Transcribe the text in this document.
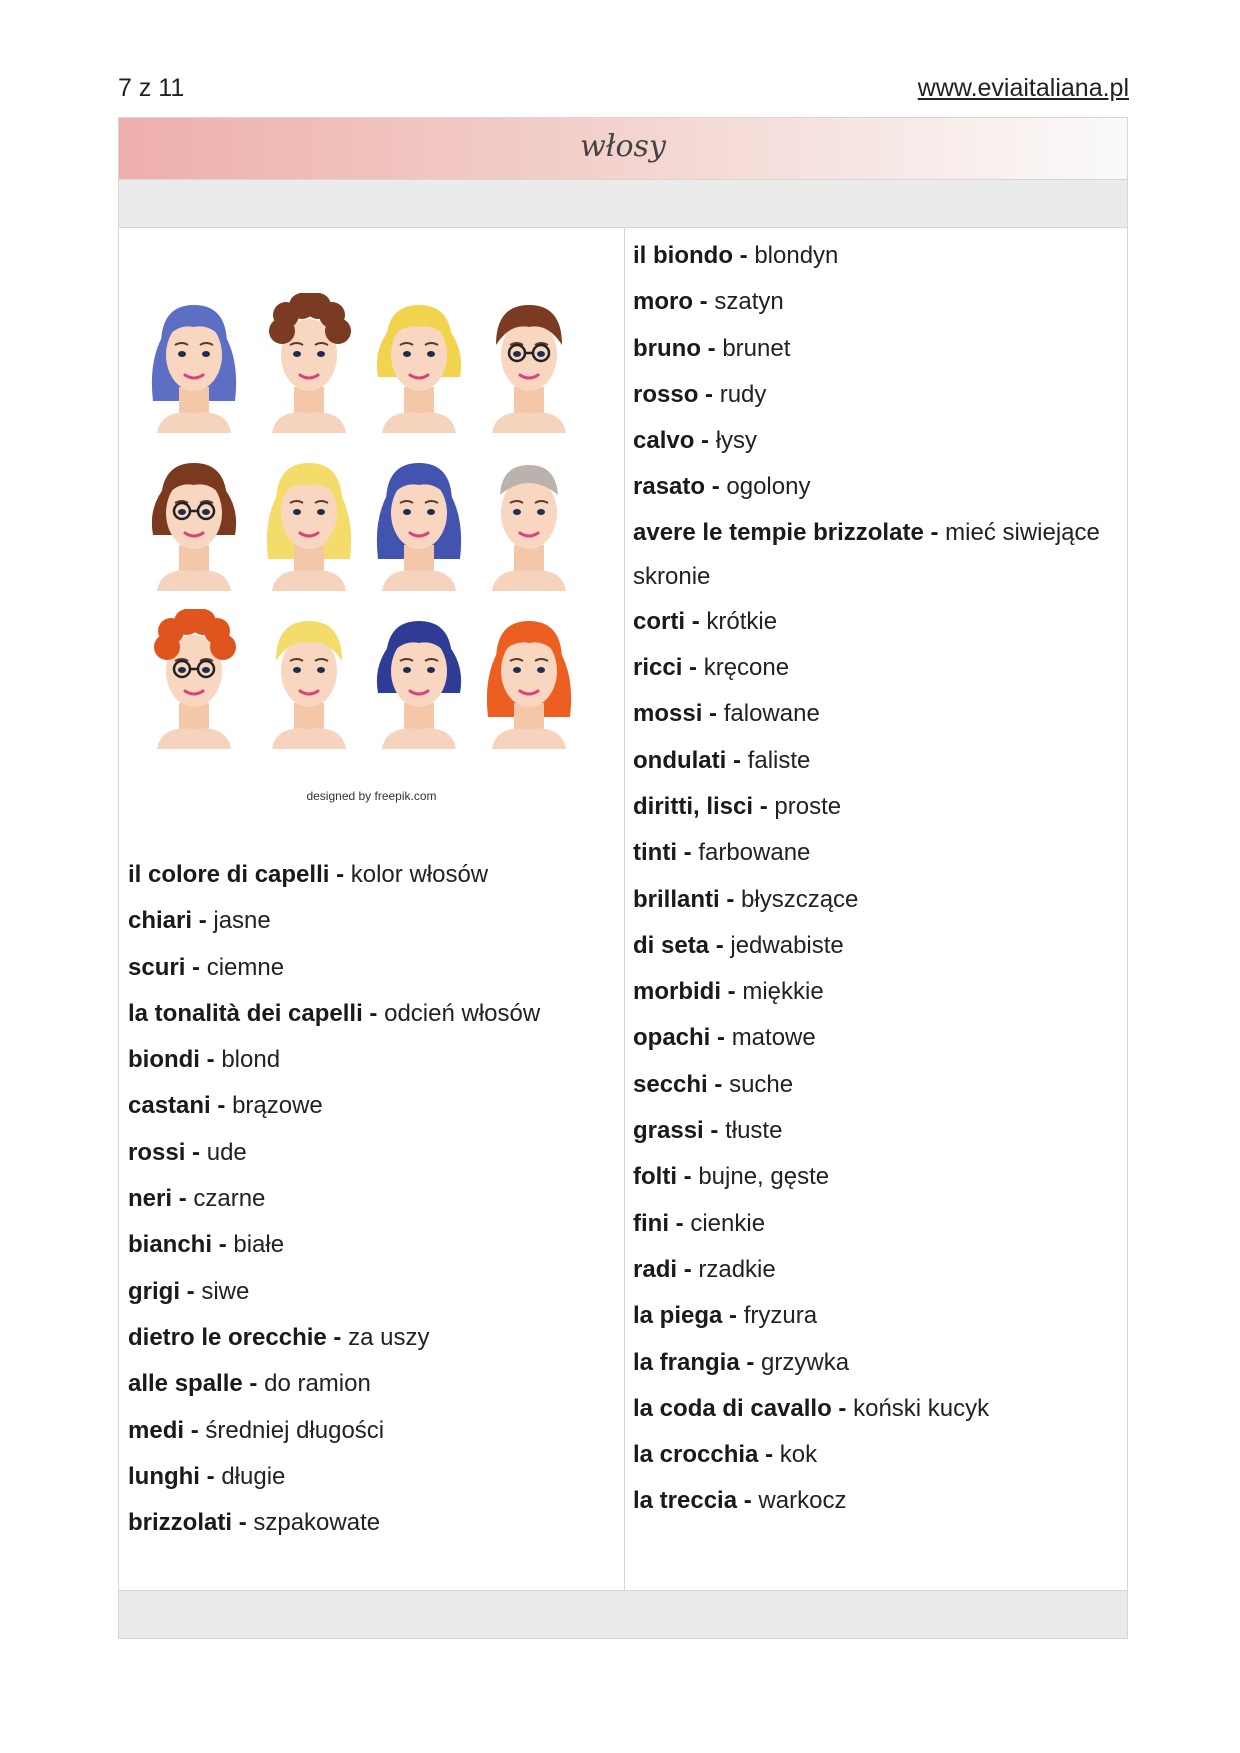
7 z 11	www.eviaitaliana.pl
włosy
designed by freepik.com
il colore di capelli - kolor włosów
chiari - jasne
scuri - ciemne
la tonalità dei capelli - odcień włosów
biondi - blond
castani - brązowe
rossi - ude
neri - czarne
bianchi - białe
grigi - siwe
dietro le orecchie - za uszy
alle spalle - do ramion
medi - średniej długości
lunghi - długie
brizzolati - szpakowate
il biondo - blondyn
moro - szatyn
bruno - brunet
rosso - rudy
calvo - łysy
rasato - ogolony
avere le tempie brizzolate - mieć siwiejące skronie
corti - krótkie
ricci - kręcone
mossi - falowane
ondulati - faliste
diritti, lisci - proste
tinti - farbowane
brillanti - błyszczące
di seta - jedwabiste
morbidi - miękkie
opachi - matowe
secchi - suche
grassi - tłuste
folti - bujne, gęste
fini - cienkie
radi - rzadkie
la piega - fryzura
la frangia - grzywka
la coda di cavallo - koński kucyk
la crocchia - kok
la treccia - warkocz
